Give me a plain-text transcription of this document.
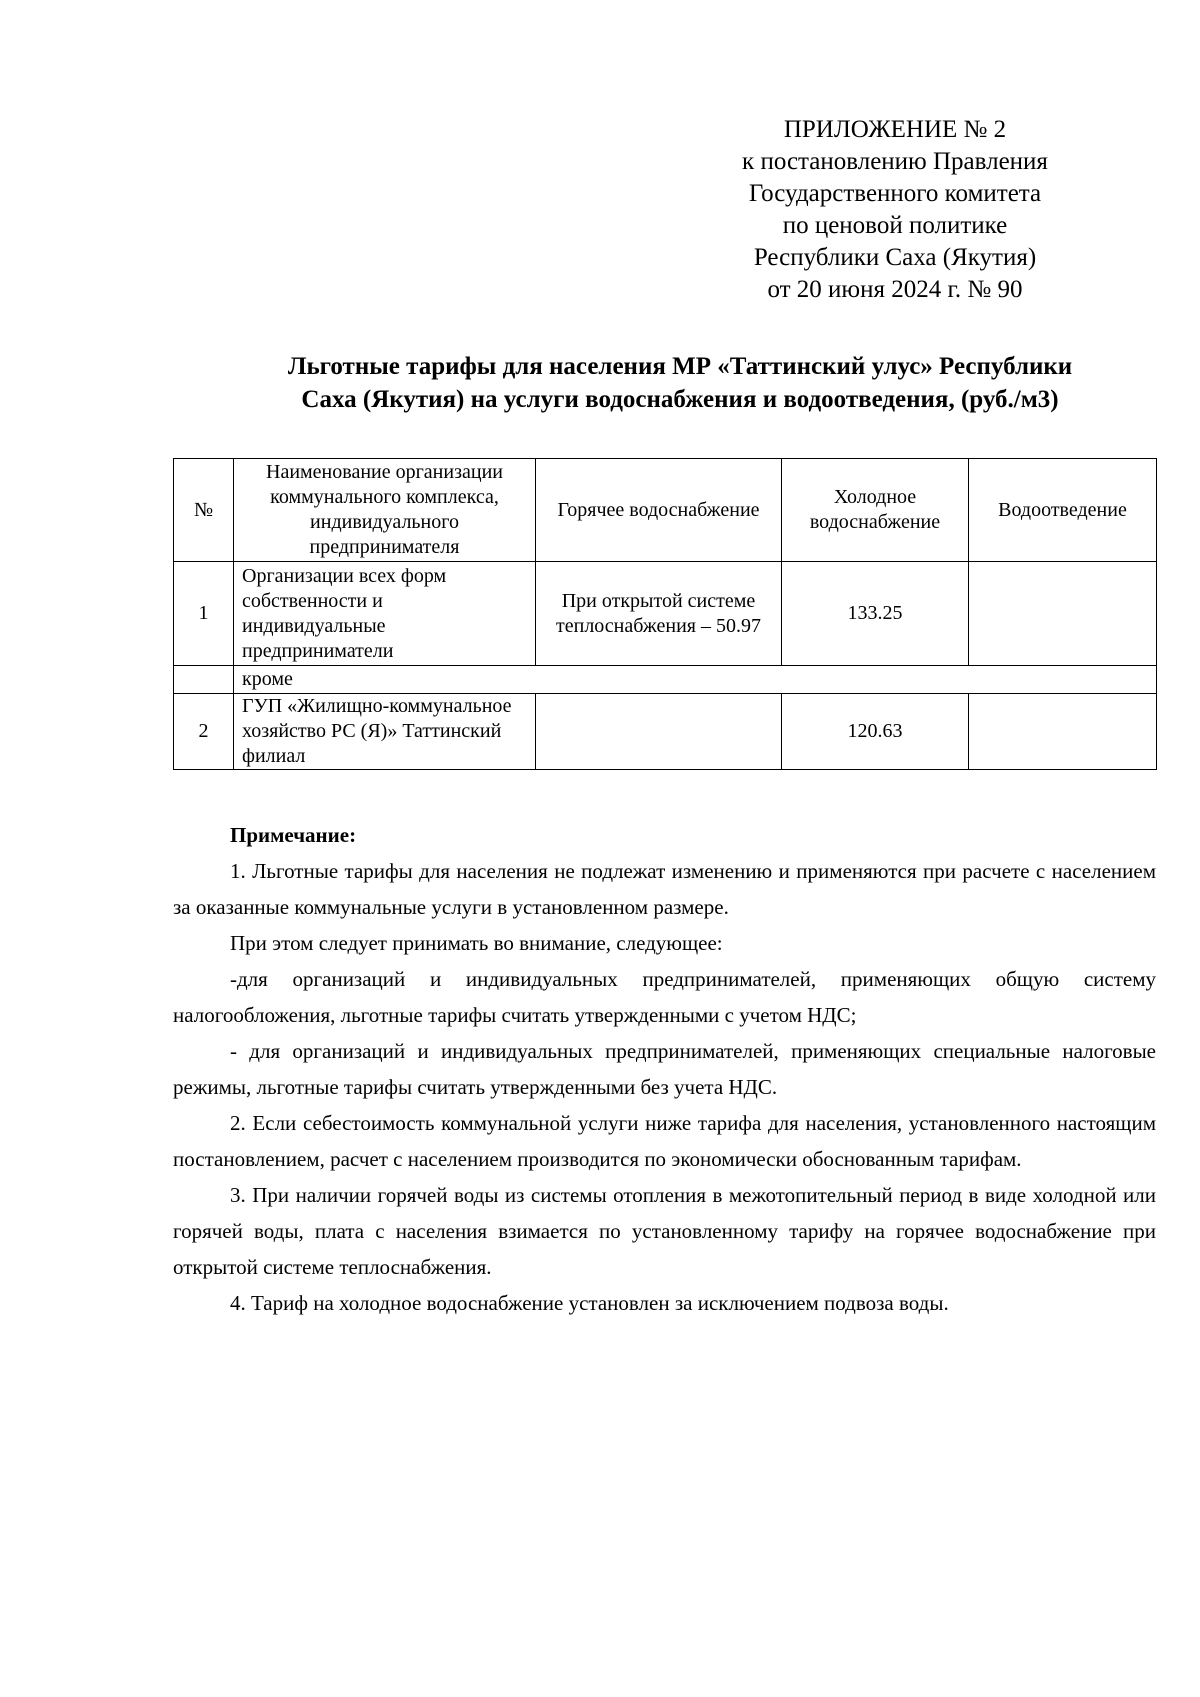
ПРИЛОЖЕНИЕ № 2
к постановлению Правления
Государственного комитета
по ценовой политике
Республики Саха (Якутия)
от 20 июня 2024 г. № 90
Льготные тарифы для населения МР «Таттинский улус» Республики
Саха (Якутия) на услуги водоснабжения и водоотведения, (руб./м3)
№	Наименование организации коммунального комплекса, индивидуального предпринимателя	Горячее водоснабжение	Холодное водоснабжение	Водоотведение
1	Организации всех форм собственности и индивидуальные предприниматели	При открытой системе теплоснабжения – 50.97	133.25	
	кроме			
2	ГУП «Жилищно-коммунальное хозяйство РС (Я)» Таттинский филиал		120.63	
Примечание:

1. Льготные тарифы для населения не подлежат изменению и применяются при расчете с населением за оказанные коммунальные услуги в установленном размере.

При этом следует принимать во внимание, следующее:

-для организаций и индивидуальных предпринимателей, применяющих общую систему налогообложения, льготные тарифы считать утвержденными с учетом НДС;

- для организаций и индивидуальных предпринимателей, применяющих специальные налоговые режимы, льготные тарифы считать утвержденными без учета НДС.

2. Если себестоимость коммунальной услуги ниже тарифа для населения, установленного настоящим постановлением, расчет с населением производится по экономически обоснованным тарифам.

3. При наличии горячей воды из системы отопления в межотопительный период в виде холодной или горячей воды, плата с населения взимается по установленному тарифу на горячее водоснабжение при открытой системе теплоснабжения.

4. Тариф на холодное водоснабжение установлен за исключением подвоза воды.
